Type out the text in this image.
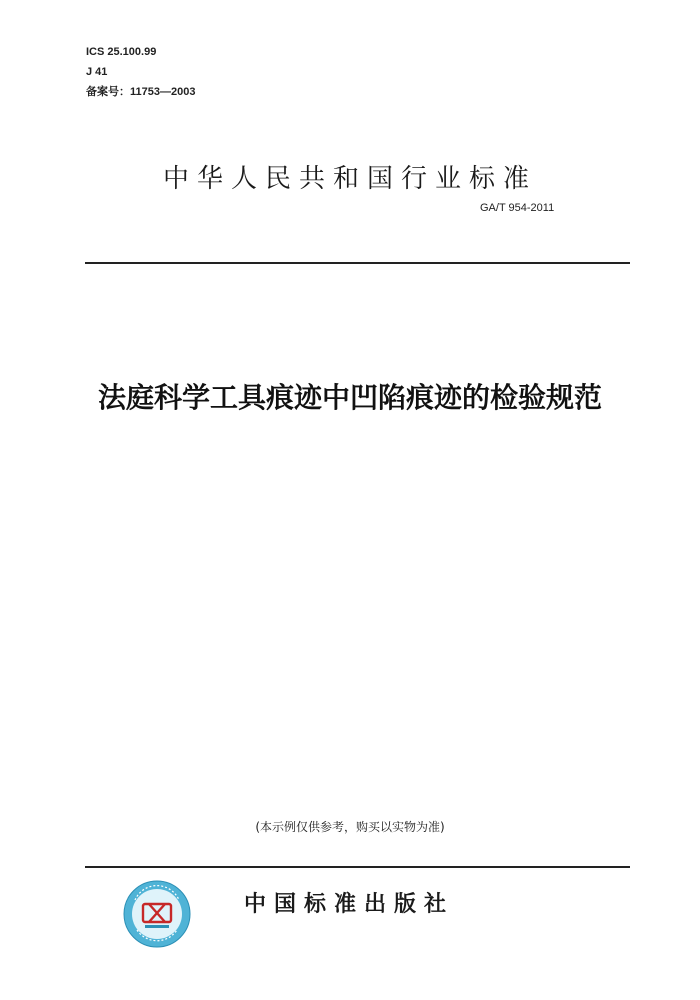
ICS 25.100.99
J 41
备案号：11753—2003
中华人民共和国行业标准
GA/T 954-2011
法庭科学工具痕迹中凹陷痕迹的检验规范
(本示例仅供参考，购买以实物为准)
中国标准出版社
